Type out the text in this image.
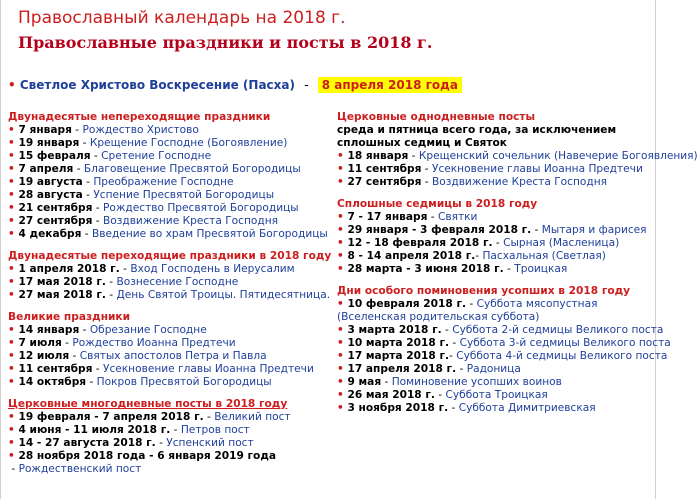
Православный календарь на 2018 г.
Православные праздники и посты в 2018 г.
• Светлое Христово Воскресение (Пасха) - 8 апреля 2018 года
Двунадесятые непереходящие праздники
• 7 января - Рождество Христово
• 19 января - Крещение Господне (Богоявление)
• 15 февраля - Сретение Господне
• 7 апреля - Благовещение Пресвятой Богородицы
• 19 августа - Преображение Господне
• 28 августа - Успение Пресвятой Богородицы
• 21 сентября - Рождество Пресвятой Богородицы
• 27 сентября - Воздвижение Креста Господня
• 4 декабря - Введение во храм Пресвятой Богородицы
Двунадесятые переходящие праздники в 2018 году
• 1 апреля 2018 г. - Вход Господень в Иерусалим
• 17 мая 2018 г. - Вознесение Господне
• 27 мая 2018 г. - День Святой Троицы. Пятидесятница.
Великие праздники
• 14 января - Обрезание Господне
• 7 июля - Рождество Иоанна Предтечи
• 12 июля - Святых апостолов Петра и Павла
• 11 сентября - Усекновение главы Иоанна Предтечи
• 14 октября - Покров Пресвятой Богородицы
Церковные многодневные посты в 2018 году
• 19 февраля - 7 апреля 2018 г. - Великий пост
• 4 июня - 11 июля 2018 г. - Петров пост
• 14 - 27 августа 2018 г. - Успенский пост
• 28 ноября 2018 года - 6 января 2019 года - Рождественский пост
Церковные однодневные посты
среда и пятница всего года, за исключением сплошных седмиц и Святок
• 18 января - Крещенский сочельник (Навечерие Богоявления)
• 11 сентября - Усекновение главы Иоанна Предтечи
• 27 сентября - Воздвижение Креста Господня
Сплошные седмицы в 2018 году
• 7 - 17 января - Святки
• 29 января - 3 февраля 2018 г. - Мытаря и фарисея
• 12 - 18 февраля 2018 г. - Сырная (Масленица)
• 8 - 14 апреля 2018 г.- Пасхальная (Светлая)
• 28 марта - 3 июня 2018 г. - Троицкая
Дни особого поминовения усопших в 2018 году
• 10 февраля 2018 г. - Суббота мясопустная (Вселенская родительская суббота)
• 3 марта 2018 г. - Суббота 2-й седмицы Великого поста
• 10 марта 2018 г. - Суббота 3-й седмицы Великого поста
• 17 марта 2018 г.- Суббота 4-й седмицы Великого поста
• 17 апреля 2018 г. - Радоница
• 9 мая - Поминовение усопших воинов
• 26 мая 2018 г. - Суббота Троицкая
• 3 ноября 2018 г. - Суббота Димитриевская
